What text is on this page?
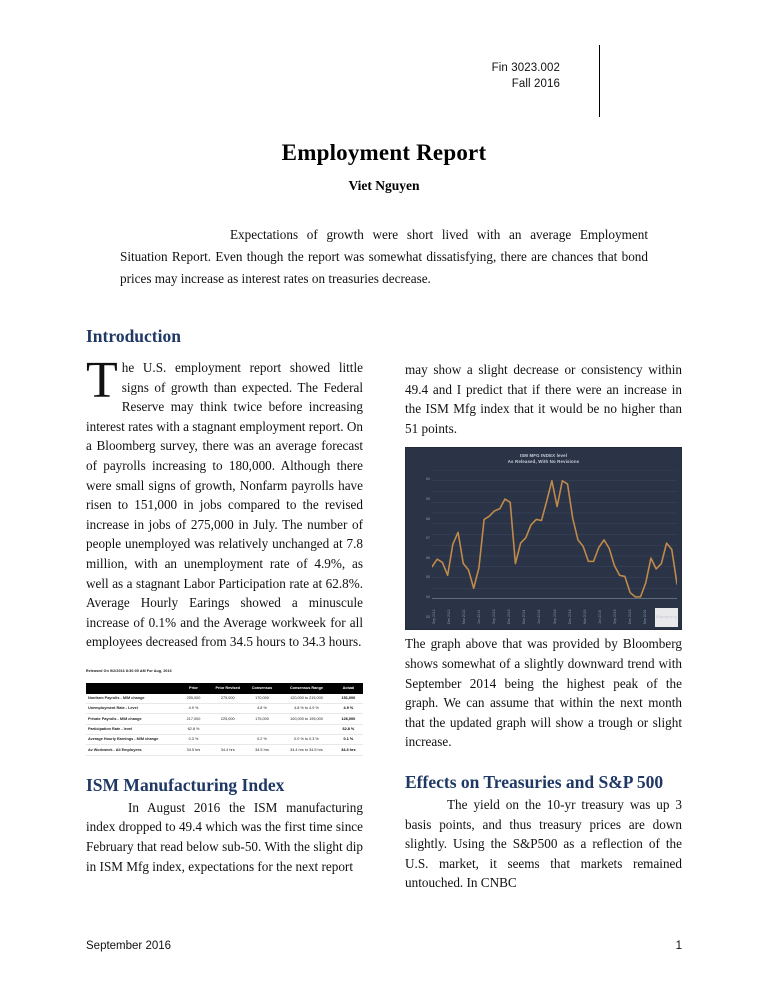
Fin 3023.002
Fall 2016
Employment Report
Viet Nguyen
Expectations of growth were short lived with an average Employment Situation Report. Even though the report was somewhat dissatisfying, there are chances that bond prices may increase as interest rates on treasuries decrease.
Introduction

The U.S. employment report showed little signs of growth than expected. The Federal Reserve may think twice before increasing interest rates with a stagnant employment report. On a Bloomberg survey, there was an average forecast of payrolls increasing to 180,000. Although there were small signs of growth, Nonfarm payrolls have risen to 151,000 in jobs compared to the revised increase in jobs of 275,000 in July. The number of people unemployed was relatively unchanged at 7.8 million, with an unemployment rate of 4.9%, as well as a stagnant Labor Participation rate at 62.8%. Average Hourly Earings showed a minuscule increase of 0.1% and the Average workweek for all employees decreased from 34.5 hours to 34.3 hours.

Released On 9/2/2016 8:30:00 AM For Aug, 2016
	Prior	Prior Revised	Consensus	Consensus Range	Actual
Nonfarm Payrolls - M/M change	255,000	275,000	170,000	120,000 to 215,000	151,000
Unemployment Rate - Level	4.9 %		4.8 %	4.8 % to 4.9 %	4.9 %
Private Payrolls - M/M change	217,000	225,000	175,000	100,000 to 195,000	126,000
Participation Rate - level	62.8 %				62.8 %
Average Hourly Earnings - M/M change	0.3 %		0.2 %	0.0 % to 0.3 %	0.1 %
Av Workweek - All Employees	34.5 hrs	34.4 hrs	34.5 hrs	34.4 hrs to 34.5 hrs	34.3 hrs
ISM Manufacturing Index

In August 2016 the ISM manufacturing index dropped to 49.4 which was the first time since February that read below sub-50. With the slight dip in ISM Mfg index, expectations for the next report

may show a slight decrease or consistency within 49.4 and I predict that if there were an increase in the ISM Mfg index that it would be no higher than 51 points.

ISM MFG INDEX level
As Released, With No Revisions
60
59
58
57
56
55
54
53 Sep 2012	Dec 2012	Mar 2013	Jun 2013	Sep 2013	Dec 2013	Mar 2014	Jun 2014	Sep 2014	Dec 2014	Mar 2015	Jun 2015	Sep 2015	Dec 2015	Mar 2016	Bloomberg

The graph above that was provided by Bloomberg shows somewhat of a slightly downward trend with September 2014 being the highest peak of the graph. We can assume that within the next month that the updated graph will show a trough or slight increase.

Effects on Treasuries and S&P 500

The yield on the 10-yr treasury was up 3 basis points, and thus treasury prices are down slightly. Using the S&P500 as a reflection of the U.S. market, it seems that markets remained untouched. In CNBC

September 2016	1
